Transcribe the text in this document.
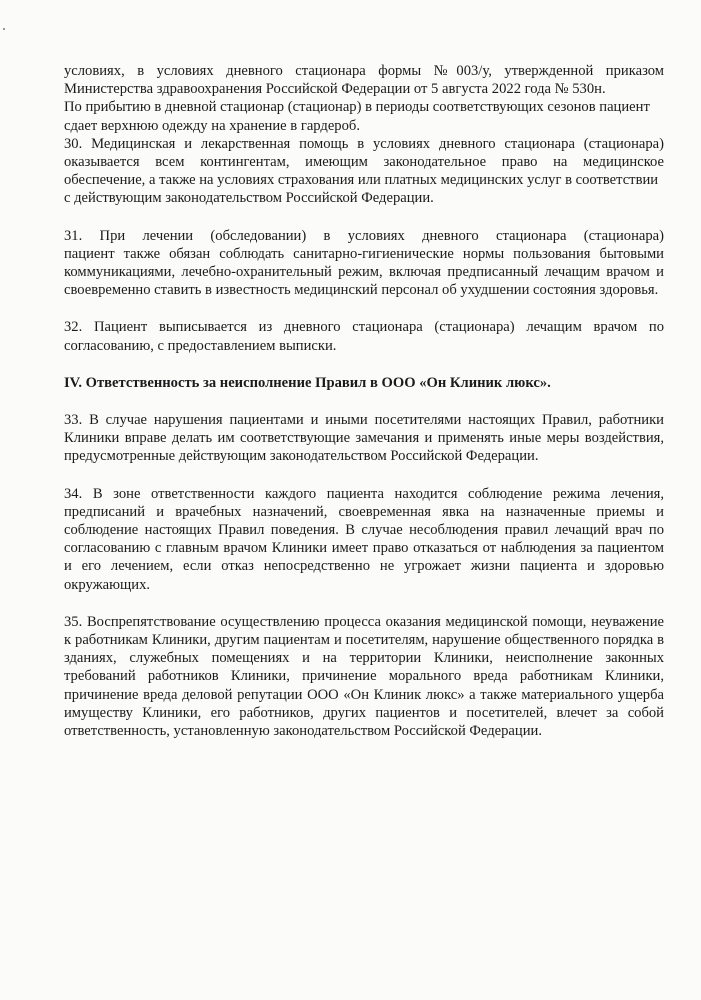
условиях, в условиях дневного стационара формы №003/у, утвержденной приказом
Министерства здравоохранения Российской Федерации от 5 августа 2022 года № 530н.
По прибытию в дневной стационар (стационар) в периоды соответствующих сезонов пациент
сдает верхнюю одежду на хранение в гардероб.
30. Медицинская и лекарственная помощь в условиях дневного стационара (стационара)
оказывается всем контингентам, имеющим законодательное право на медицинское
обеспечение, а также на условиях страхования или платных медицинских услуг в соответствии
с действующим законодательством Российской Федерации.
31. При лечении (обследовании) в условиях дневного стационара (стационара)
пациент также обязан соблюдать санитарно-гигиенические нормы пользования бытовыми
коммуникациями, лечебно-охранительный режим, включая предписанный лечащим врачом и
своевременно ставить в известность медицинский персонал об ухудшении состояния здоровья.
32. Пациент выписывается из дневного стационара (стационара) лечащим врачом по
согласованию, с предоставлением выписки.
IV. Ответственность за неисполнение Правил в ООО «Он Клиник люкс».
33. В случае нарушения пациентами и иными посетителями настоящих Правил, работники
Клиники вправе делать им соответствующие замечания и применять иные меры воздействия,
предусмотренные действующим законодательством Российской Федерации.
34. В зоне ответственности каждого пациента находится соблюдение режима лечения,
предписаний и врачебных назначений, своевременная явка на назначенные приемы и
соблюдение настоящих Правил поведения. В случае несоблюдения правил лечащий врач по
согласованию с главным врачом Клиники имеет право отказаться от наблюдения за пациентом
и его лечением, если отказ непосредственно не угрожает жизни пациента и здоровью
окружающих.
35. Воспрепятствование осуществлению процесса оказания медицинской помощи, неуважение
к работникам Клиники, другим пациентам и посетителям, нарушение общественного порядка в
зданиях, служебных помещениях и на территории Клиники, неисполнение законных
требований работников Клиники, причинение морального вреда работникам Клиники,
причинение вреда деловой репутации ООО «Он Клиник люкс» а также материального ущерба
имуществу Клиники, его работников, других пациентов и посетителей, влечет за собой
ответственность, установленную законодательством Российской Федерации.
